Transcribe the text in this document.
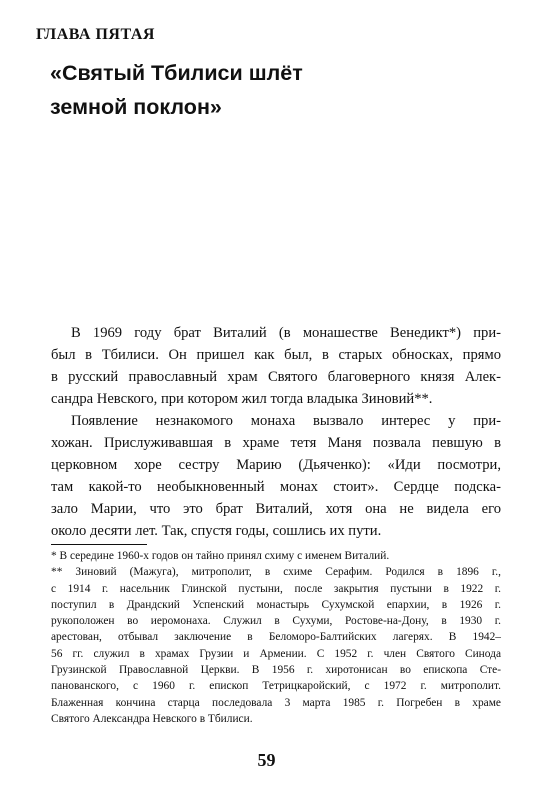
ГЛАВА ПЯТАЯ
«Святый Тбилиси шлёт
земной поклон»
В 1969 году брат Виталий (в монашестве Венедикт*) при-
был в Тбилиси. Он пришел как был, в старых обносках, прямо
в русский православный храм Святого благоверного князя Алек-
сандра Невского, при котором жил тогда владыка Зиновий**.
Появление незнакомого монаха вызвало интерес у при-
хожан. Прислуживавшая в храме тетя Маня позвала певшую в
церковном хоре сестру Марию (Дьяченко): «Иди посмотри,
там какой-то необыкновенный монах стоит». Сердце подска-
зало Марии, что это брат Виталий, хотя она не видела его
около десяти лет. Так, спустя годы, сошлись их пути.
* В середине 1960-х годов он тайно принял схиму с именем Виталий.
** Зиновий (Мажуга), митрополит, в схиме Серафим. Родился в 1896 г.,
с 1914 г. насельник Глинской пустыни, после закрытия пустыни в 1922 г.
поступил в Драндский Успенский монастырь Сухумской епархии, в 1926 г.
рукоположен во иеромонаха. Служил в Сухуми, Ростове-на-Дону, в 1930 г.
арестован, отбывал заключение в Беломоро-Балтийских лагерях. В 1942–
56 гг. служил в храмах Грузии и Армении. С 1952 г. член Святого Синода
Грузинской Православной Церкви. В 1956 г. хиротонисан во епископа Сте-
панованского, с 1960 г. епископ Тетрицкаройский, с 1972 г. митрополит.
Блаженная кончина старца последовала 3 марта 1985 г. Погребен в храме
Святого Александра Невского в Тбилиси.
59
